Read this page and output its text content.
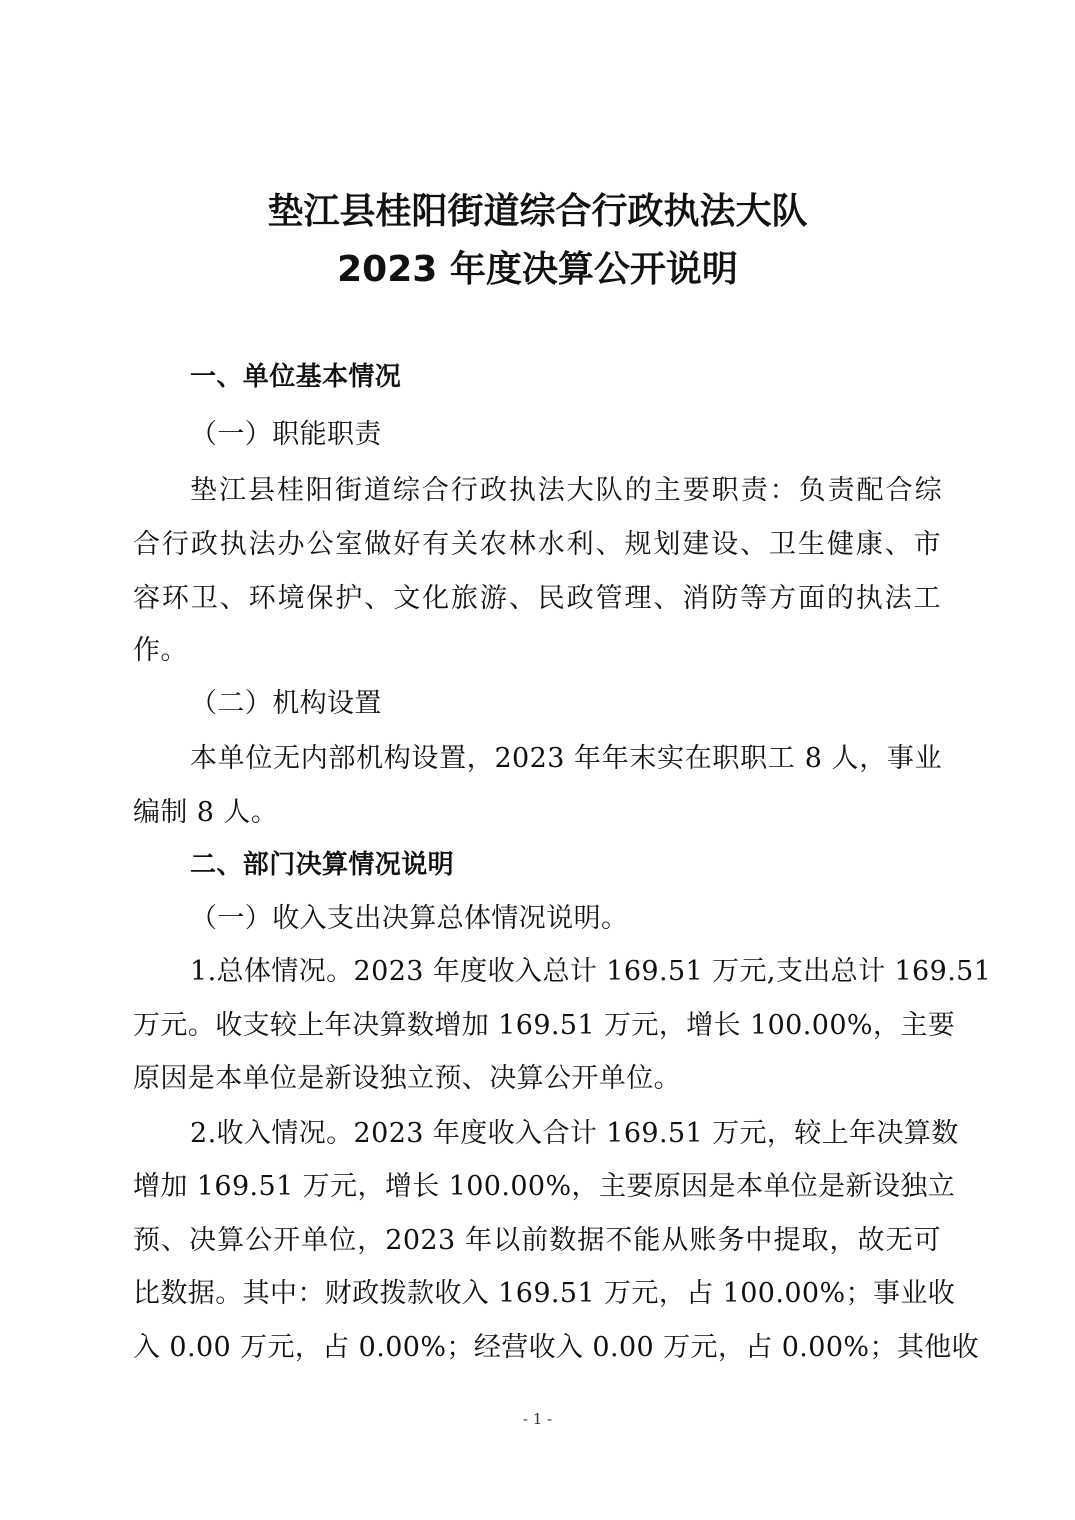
垫江县桂阳街道综合行政执法大队
2023 年度决算公开说明
一、单位基本情况
（一）职能职责
垫江县桂阳街道综合行政执法大队的主要职责：负责配合综
合行政执法办公室做好有关农林水利、规划建设、卫生健康、市
容环卫、环境保护、文化旅游、民政管理、消防等方面的执法工
作。
（二）机构设置
本单位无内部机构设置，2023 年年末实在职职工 8 人，事业
编制 8 人。
二、部门决算情况说明
（一）收入支出决算总体情况说明。
1.总体情况。2023 年度收入总计 169.51 万元,支出总计 169.51
万元。收支较上年决算数增加 169.51 万元，增长 100.00%，主要
原因是本单位是新设独立预、决算公开单位。
2.收入情况。2023 年度收入合计 169.51 万元，较上年决算数
增加 169.51 万元，增长 100.00%，主要原因是本单位是新设独立
预、决算公开单位，2023 年以前数据不能从账务中提取，故无可
比数据。其中：财政拨款收入 169.51 万元，占 100.00%；事业收
入 0.00 万元，占 0.00%；经营收入 0.00 万元，占 0.00%；其他收
- 1 -
